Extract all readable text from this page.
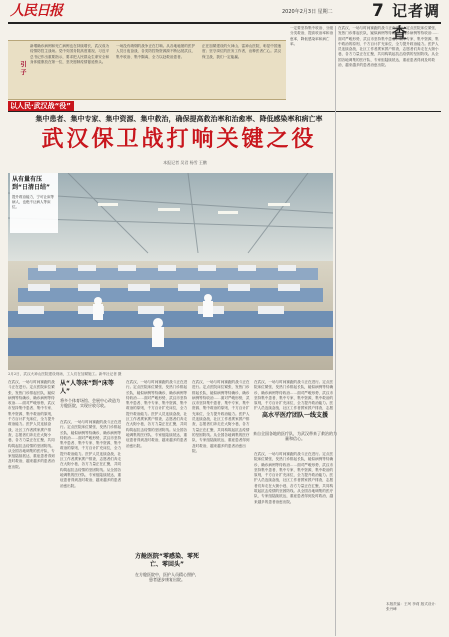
人民日报	2020年2月3日 星期二 7 记者调查
引子
新增确诊病例和死亡病例也在持续增长，武汉成为疫情防控主战场。党中央国务院高度重视，习近平总书记作出重要指示，要求把人民群众生命安全和身体健康放在第一位，坚决遏制疫情蔓延势头。
一场没有硝烟的战争正在打响。从各地驰援的医护人员日夜奋战，各类防控物资源源不断运抵武汉，集中收治、集中隔离，全力以赴救治患者。
正在加紧建设的火神山、雷神山医院，彰显中国速度；坚守岗位的医务工作者，诠释医者仁心。武汉保卫战，我们一定能赢。
一定要坚持集中收治、分级分类救治，提高收治率和治愈率，降低感染率和病亡率。
以人民·武汉战“役”
集中患者、集中专家、集中资源、集中救治，确保提高救治率和治愈率、降低感染率和病亡率
武汉保卫战打响关键之役
本报记者 吴君 杨雪 王鹏
2月2日，武汉火神山医院建设现场，工人们在加紧施工。新华社记者 摄
从有量有压到“日清日结”
提升救治能力，宁可让床等病人，也绝不让病人等床位。
在武汉，一场与时间赛跑的战斗正在进行。定点医院床位紧张，发热门诊排起长队，疑似病例等待确诊，确诊病例等待收治……面对严峻形势，武汉市坚持集中患者、集中专家、集中资源、集中救治的原则，千方百计扩充床位，全力提升救治能力。医护人员连续奋战，社区工作者挨家挨户排查，志愿者们奔走在大街小巷，各方力量正在汇聚，共同构筑起抗击疫情的坚固防线。从全国各地调集的医疗队、专家组陆续抵达，重症患者得到及时救治，越来越多的患者治愈出院。
在武汉，一场与时间赛跑的战斗正在进行。定点医院床位紧张，发热门诊排起长队，疑似病例等待确诊，确诊病例等待收治……面对严峻形势，武汉市坚持集中患者、集中专家、集中资源、集中救治的原则，千方百计扩充床位，全力提升救治能力。医护人员连续奋战，社区工作者挨家挨户排查，志愿者们奔走在大街小巷，各方力量正在汇聚，共同构筑起抗击疫情的坚固防线。从全国各地调集的医疗队、专家组陆续抵达，重症患者得到及时救治，越来越多的患者治愈出院。
从“人等床”到“床等人”
将多个体育场馆、会展中心改造为方舱医院，实现应收尽收。
在武汉，一场与时间赛跑的战斗正在进行。定点医院床位紧张，发热门诊排起长队，疑似病例等待确诊，确诊病例等待收治……面对严峻形势，武汉市坚持集中患者、集中专家、集中资源、集中救治的原则，千方百计扩充床位，全力提升救治能力。医护人员连续奋战，社区工作者挨家挨户排查，志愿者们奔走在大街小巷，各方力量正在汇聚，共同构筑起抗击疫情的坚固防线。从全国各地调集的医疗队、专家组陆续抵达，重症患者得到及时救治，越来越多的患者治愈出院。
在武汉，一场与时间赛跑的战斗正在进行。定点医院床位紧张，发热门诊排起长队，疑似病例等待确诊，确诊病例等待收治……面对严峻形势，武汉市坚持集中患者、集中专家、集中资源、集中救治的原则，千方百计扩充床位，全力提升救治能力。医护人员连续奋战，社区工作者挨家挨户排查，志愿者们奔走在大街小巷，各方力量正在汇聚，共同构筑起抗击疫情的坚固防线。从全国各地调集的医疗队、专家组陆续抵达，重症患者得到及时救治，越来越多的患者治愈出院。
在武汉，一场与时间赛跑的战斗正在进行。定点医院床位紧张，发热门诊排起长队，疑似病例等待确诊，确诊病例等待收治……面对严峻形势，武汉市坚持集中患者、集中专家、集中资源、集中救治的原则，千方百计扩充床位，全力提升救治能力。医护人员连续奋战，社区工作者挨家挨户排查，志愿者们奔走在大街小巷，各方力量正在汇聚，共同构筑起抗击疫情的坚固防线。从全国各地调集的医疗队、专家组陆续抵达，重症患者得到及时救治，越来越多的患者治愈出院。
在武汉，一场与时间赛跑的战斗正在进行。定点医院床位紧张，发热门诊排起长队，疑似病例等待确诊，确诊病例等待收治……面对严峻形势，武汉市坚持集中患者、集中专家、集中资源、集中救治的原则，千方百计扩充床位，全力提升救治能力。医护人员连续奋战，社区工作者挨家挨户排查，志愿
高水平医疗团队一线支援
来自全国各地的医疗队，为武汉带来了救治的力量和信心。
在武汉，一场与时间赛跑的战斗正在进行。定点医院床位紧张，发热门诊排起长队，疑似病例等待确诊，确诊病例等待收治……面对严峻形势，武汉市坚持集中患者、集中专家、集中资源、集中救治的原则，千方百计扩充床位，全力提升救治能力。医护人员连续奋战，社区工作者挨家挨户排查，志愿者们奔走在大街小巷，各方力量正在汇聚，共同构筑起抗击疫情的坚固防线。从全国各地调集的医疗队、专家组陆续抵达，重症患者得到及时救治，越来越多的患者治愈出院。
方舱医院“零感染、零死亡、零回头”
在方舱医院中，医护人员精心照护，患者逐步康复出院。
本版责编：王珂 李莉 版式设计：张丹峰
